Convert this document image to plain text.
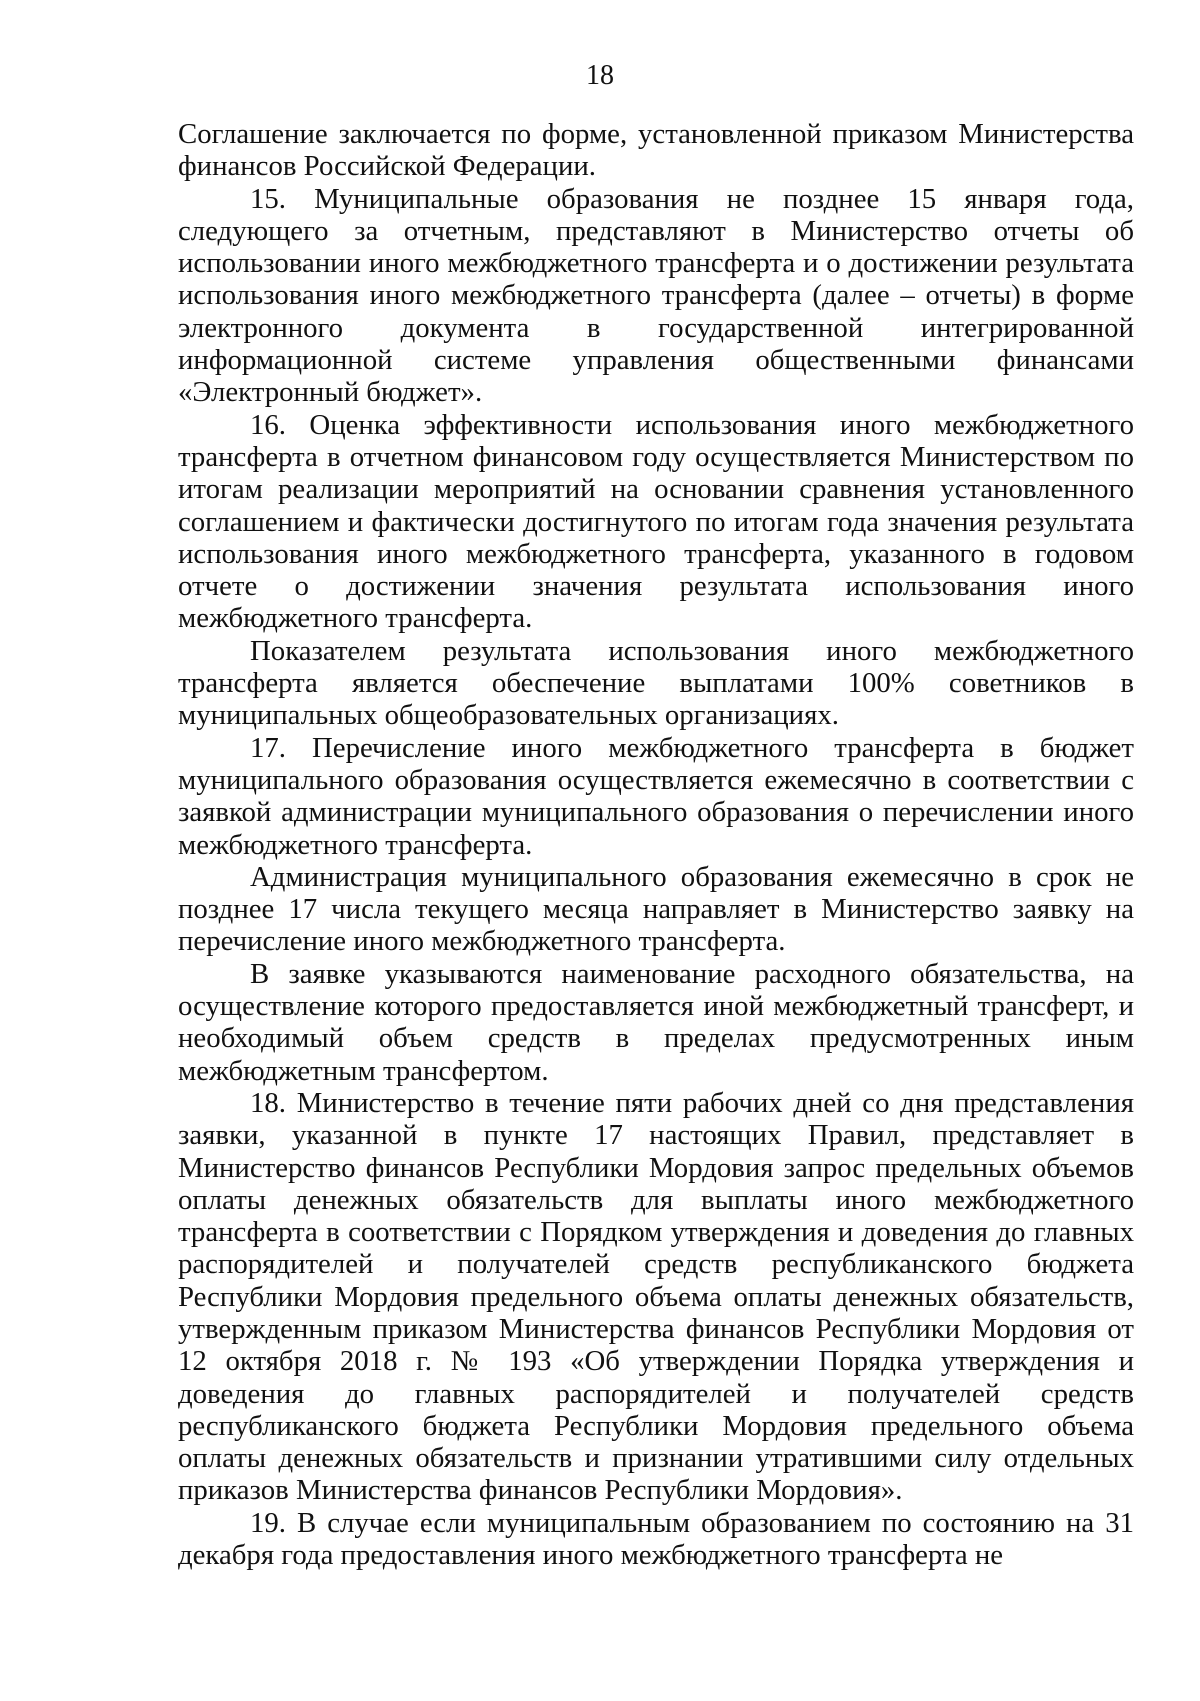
18

Соглашение заключается по форме, установленной приказом Министерства финансов Российской Федерации.

15. Муниципальные образования не позднее 15 января года, следующего за отчетным, представляют в Министерство отчеты об использовании иного межбюджетного трансферта и о достижении результата использования иного межбюджетного трансферта (далее – отчеты) в форме электронного документа в государственной интегрированной информационной системе управления общественными финансами «Электронный бюджет».

16. Оценка эффективности использования иного межбюджетного трансферта в отчетном финансовом году осуществляется Министерством по итогам реализации мероприятий на основании сравнения установленного соглашением и фактически достигнутого по итогам года значения результата использования иного межбюджетного трансферта, указанного в годовом отчете о достижении значения результата использования иного межбюджетного трансферта.

Показателем результата использования иного межбюджетного трансферта является обеспечение выплатами 100% советников в муниципальных общеобразовательных организациях.

17. Перечисление иного межбюджетного трансферта в бюджет муниципального образования осуществляется ежемесячно в соответствии с заявкой администрации муниципального образования о перечислении иного межбюджетного трансферта.

Администрация муниципального образования ежемесячно в срок не позднее 17 числа текущего месяца направляет в Министерство заявку на перечисление иного межбюджетного трансферта.

В заявке указываются наименование расходного обязательства, на осуществление которого предоставляется иной межбюджетный трансферт, и необходимый объем средств в пределах предусмотренных иным межбюджетным трансфертом.

18. Министерство в течение пяти рабочих дней со дня представления заявки, указанной в пункте 17 настоящих Правил, представляет в Министерство финансов Республики Мордовия запрос предельных объемов оплаты денежных обязательств для выплаты иного межбюджетного трансферта в соответствии с Порядком утверждения и доведения до главных распорядителей и получателей средств республиканского бюджета Республики Мордовия предельного объема оплаты денежных обязательств, утвержденным приказом Министерства финансов Республики Мордовия от 12 октября 2018 г. № 193 «Об утверждении Порядка утверждения и доведения до главных распорядителей и получателей средств республиканского бюджета Республики Мордовия предельного объема оплаты денежных обязательств и признании утратившими силу отдельных приказов Министерства финансов Республики Мордовия».

19. В случае если муниципальным образованием по состоянию на 31 декабря года предоставления иного межбюджетного трансферта не
